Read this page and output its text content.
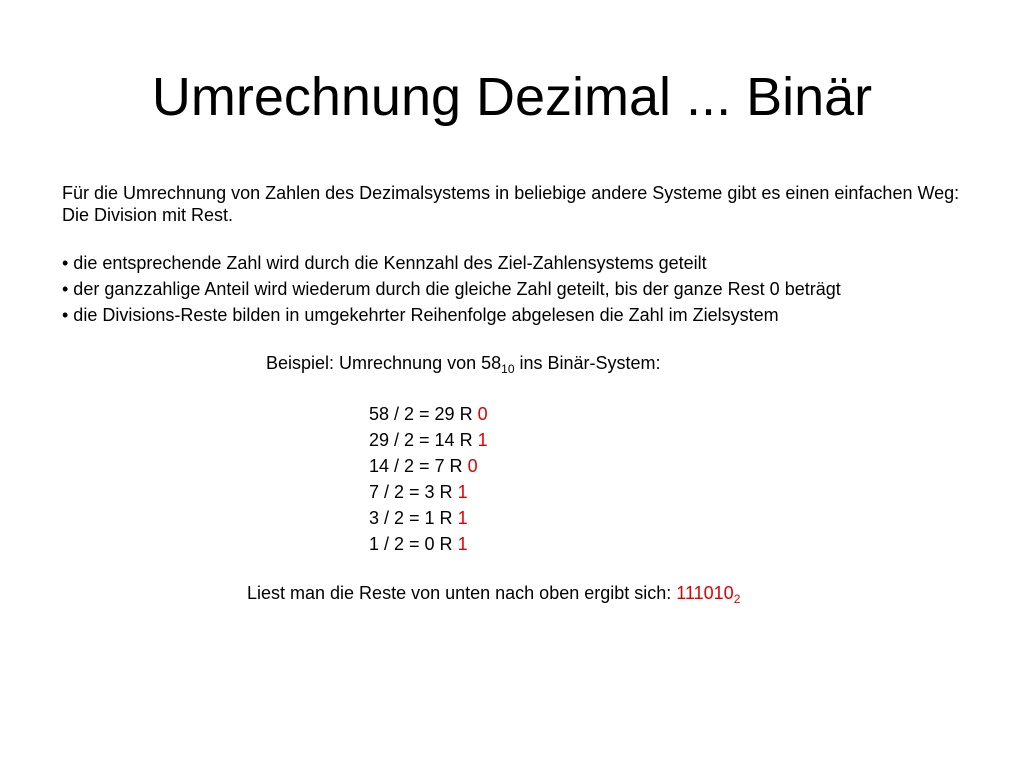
Umrechnung Dezimal ... Binär

Für die Umrechnung von Zahlen des Dezimalsystems in beliebige andere Systeme gibt es einen einfachen Weg: Die Division mit Rest.

• die entsprechende Zahl wird durch die Kennzahl des Ziel-Zahlensystems geteilt
• der ganzzahlige Anteil wird wiederum durch die gleiche Zahl geteilt, bis der ganze Rest 0 beträgt
• die Divisions-Reste bilden in umgekehrter Reihenfolge abgelesen die Zahl im Zielsystem
Beispiel: Umrechnung von $58_{10}$ ins Binär-System:
58 / 2 = 29 R 0
29 / 2 = 14 R 1
14 / 2 = 7 R 0
7 / 2 = 3 R 1
3 / 2 = 1 R 1
1 / 2 = 0 R 1
Liest man die Reste von unten nach oben ergibt sich: $111010_2$
